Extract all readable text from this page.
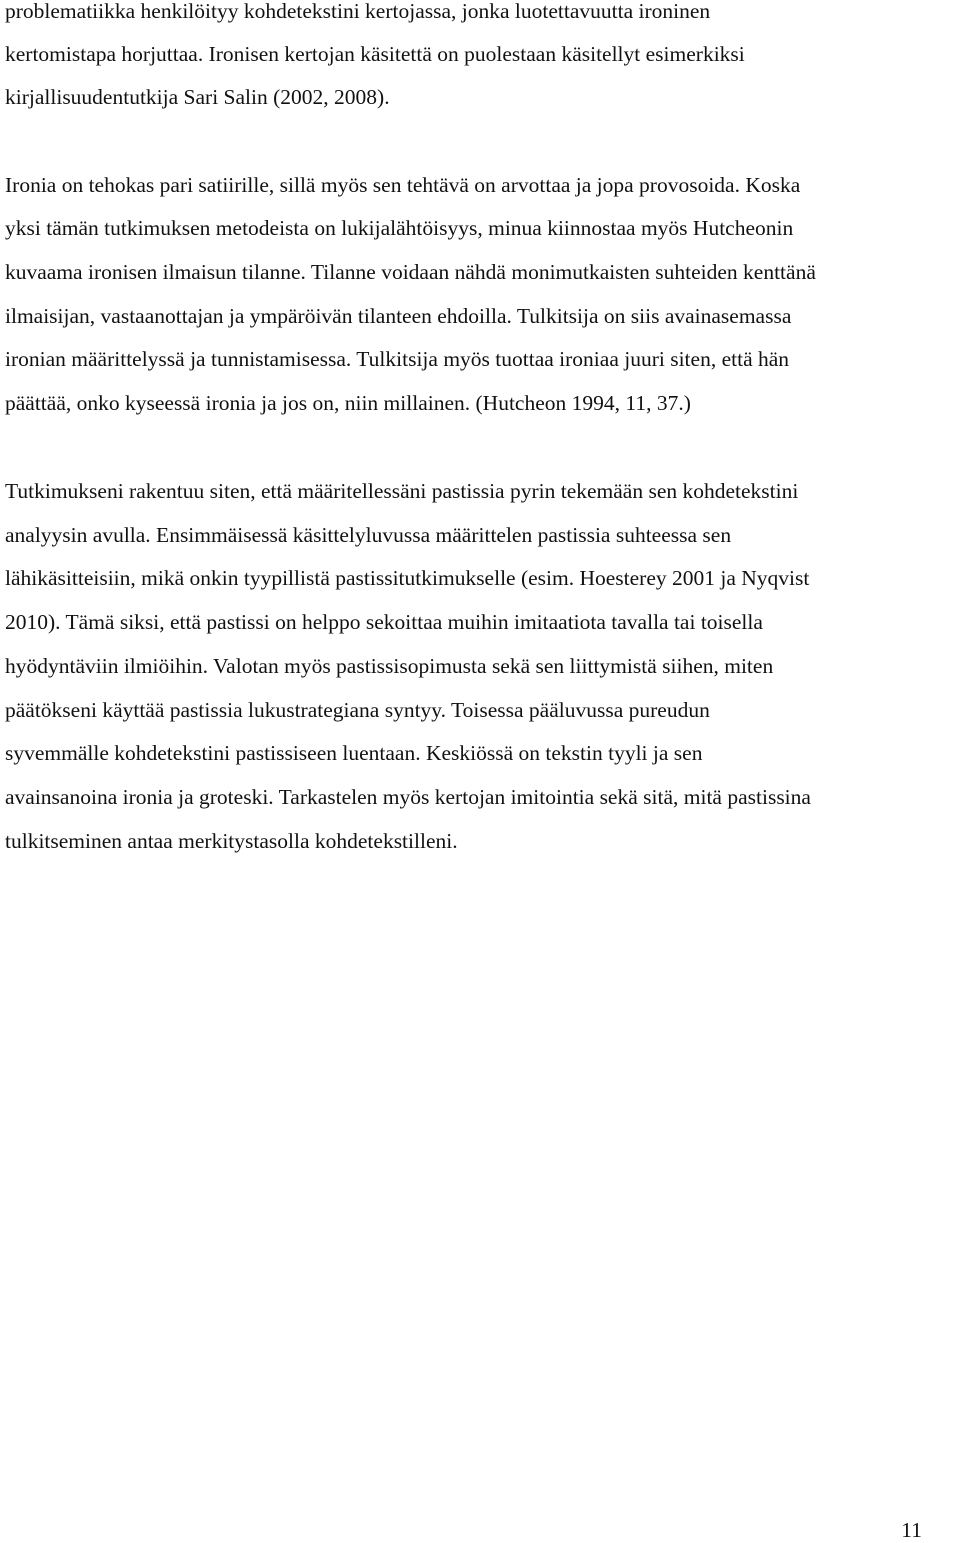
problematiikka henkilöityy kohdetekstini kertojassa, jonka luotettavuutta ironinen
kertomistapa horjuttaa. Ironisen kertojan käsitettä on puolestaan käsitellyt esimerkiksi
kirjallisuudentutkija Sari Salin (2002, 2008).
Ironia on tehokas pari satiirille, sillä myös sen tehtävä on arvottaa ja jopa provosoida. Koska
yksi tämän tutkimuksen metodeista on lukijalähtöisyys, minua kiinnostaa myös Hutcheonin
kuvaama ironisen ilmaisun tilanne. Tilanne voidaan nähdä monimutkaisten suhteiden kenttänä
ilmaisijan, vastaanottajan ja ympäröivän tilanteen ehdoilla. Tulkitsija on siis avainasemassa
ironian määrittelyssä ja tunnistamisessa. Tulkitsija myös tuottaa ironiaa juuri siten, että hän
päättää, onko kyseessä ironia ja jos on, niin millainen. (Hutcheon 1994, 11, 37.)
Tutkimukseni rakentuu siten, että määritellessäni pastissia pyrin tekemään sen kohdetekstini
analyysin avulla. Ensimmäisessä käsittelyluvussa määrittelen pastissia suhteessa sen
lähikäsitteisiin, mikä onkin tyypillistä pastissitutkimukselle (esim. Hoesterey 2001 ja Nyqvist
2010). Tämä siksi, että pastissi on helppo sekoittaa muihin imitaatiota tavalla tai toisella
hyödyntäviin ilmiöihin. Valotan myös pastissisopimusta sekä sen liittymistä siihen, miten
päätökseni käyttää pastissia lukustrategiana syntyy. Toisessa pääluvussa pureudun
syvemmälle kohdetekstini pastissiseen luentaan. Keskiössä on tekstin tyyli ja sen
avainsanoina ironia ja groteski. Tarkastelen myös kertojan imitointia sekä sitä, mitä pastissina
tulkitseminen antaa merkitystasolla kohdetekstilleni.
11
